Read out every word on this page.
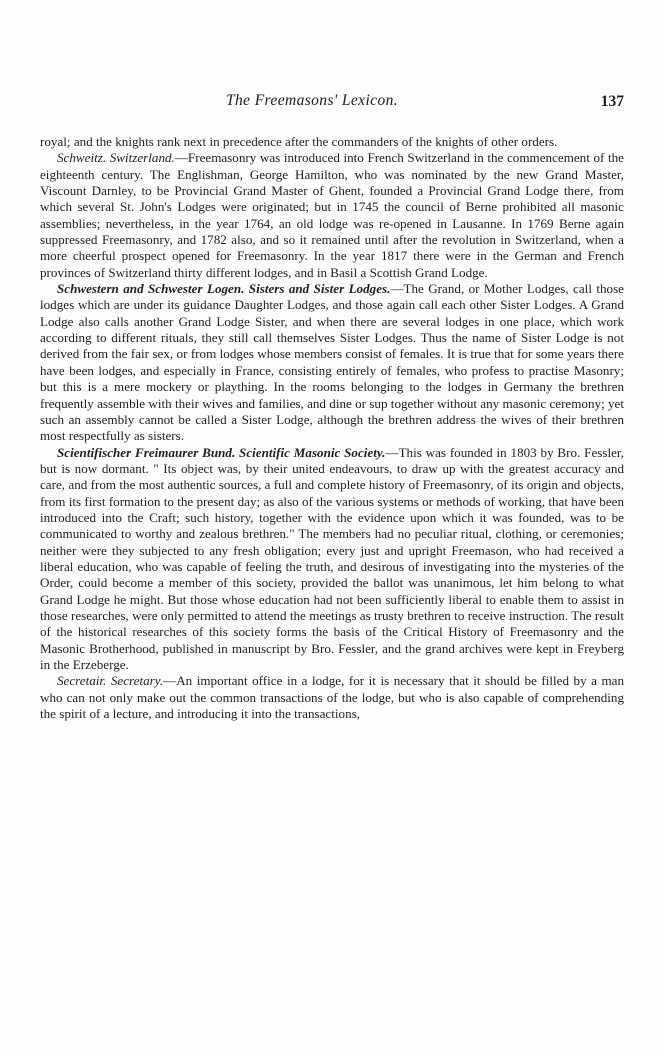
The Freemasons' Lexicon.	137

royal; and the knights rank next in precedence after the commanders of the knights of other orders.

Schweitz. Switzerland.—Freemasonry was introduced into French Switzerland in the commencement of the eighteenth century. The Englishman, George Hamilton, who was nominated by the new Grand Master, Viscount Darnley, to be Provincial Grand Master of Ghent, founded a Provincial Grand Lodge there, from which several St. John's Lodges were originated; but in 1745 the council of Berne prohibited all masonic assemblies; nevertheless, in the year 1764, an old lodge was re-opened in Lausanne. In 1769 Berne again suppressed Freemasonry, and 1782 also, and so it remained until after the revolution in Switzerland, when a more cheerful prospect opened for Freemasonry. In the year 1817 there were in the German and French provinces of Switzerland thirty different lodges, and in Basil a Scottish Grand Lodge.

Schwestern and Schwester Logen. Sisters and Sister Lodges.—The Grand, or Mother Lodges, call those lodges which are under its guidance Daughter Lodges, and those again call each other Sister Lodges. A Grand Lodge also calls another Grand Lodge Sister, and when there are several lodges in one place, which work according to different rituals, they still call themselves Sister Lodges. Thus the name of Sister Lodge is not derived from the fair sex, or from lodges whose members consist of females. It is true that for some years there have been lodges, and especially in France, consisting entirely of females, who profess to practise Masonry; but this is a mere mockery or plaything. In the rooms belonging to the lodges in Germany the brethren frequently assemble with their wives and families, and dine or sup together without any masonic ceremony; yet such an assembly cannot be called a Sister Lodge, although the brethren address the wives of their brethren most respectfully as sisters.

Scientifischer Freimaurer Bund. Scientific Masonic Society.—This was founded in 1803 by Bro. Fessler, but is now dormant. " Its object was, by their united endeavours, to draw up with the greatest accuracy and care, and from the most authentic sources, a full and complete history of Freemasonry, of its origin and objects, from its first formation to the present day; as also of the various systems or methods of working, that have been introduced into the Craft; such history, together with the evidence upon which it was founded, was to be communicated to worthy and zealous brethren." The members had no peculiar ritual, clothing, or ceremonies; neither were they subjected to any fresh obligation; every just and upright Freemason, who had received a liberal education, who was capable of feeling the truth, and desirous of investigating into the mysteries of the Order, could become a member of this society, provided the ballot was unanimous, let him belong to what Grand Lodge he might. But those whose education had not been sufficiently liberal to enable them to assist in those researches, were only permitted to attend the meetings as trusty brethren to receive instruction. The result of the historical researches of this society forms the basis of the Critical History of Freemasonry and the Masonic Brotherhood, published in manuscript by Bro. Fessler, and the grand archives were kept in Freyberg in the Erzeberge.

Secretair. Secretary.—An important office in a lodge, for it is necessary that it should be filled by a man who can not only make out the common transactions of the lodge, but who is also capable of comprehending the spirit of a lecture, and introducing it into the transactions,
